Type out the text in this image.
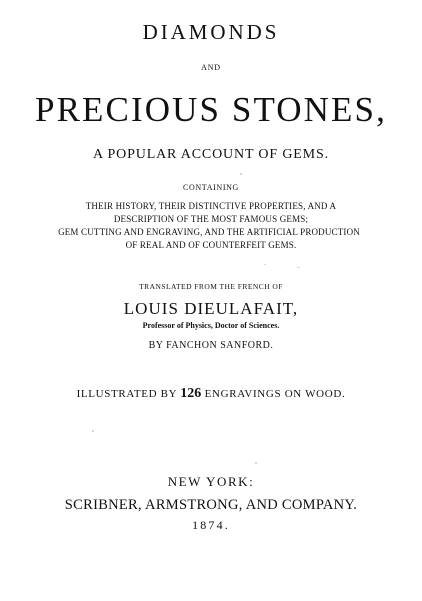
DIAMONDS
AND
PRECIOUS STONES,
A POPULAR ACCOUNT OF GEMS.
CONTAINING
THEIR HISTORY, THEIR DISTINCTIVE PROPERTIES, AND A
DESCRIPTION OF THE MOST FAMOUS GEMS;
GEM CUTTING AND ENGRAVING, AND THE ARTIFICIAL PRODUCTION
OF REAL AND OF COUNTERFEIT GEMS.
TRANSLATED FROM THE FRENCH OF
LOUIS DIEULAFAIT,
Professor of Physics, Doctor of Sciences.
BY FANCHON SANFORD.
ILLUSTRATED BY 126 ENGRAVINGS ON WOOD.
NEW YORK:
SCRIBNER, ARMSTRONG, AND COMPANY.
1874.
